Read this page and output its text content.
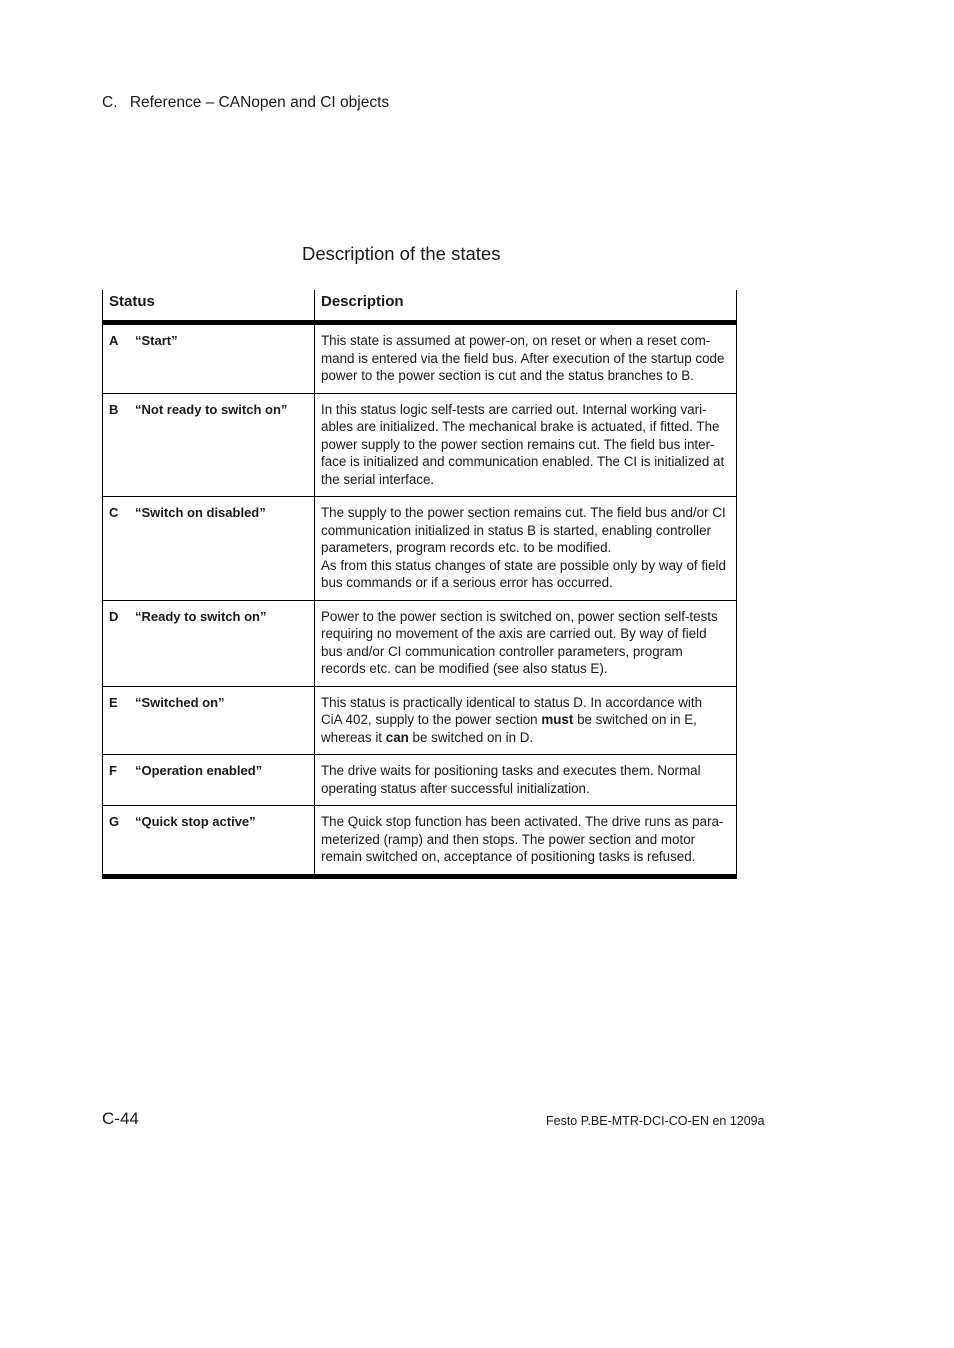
C. Reference – CANopen and CI objects
Description of the states
Status	Description
A “Start”	This state is assumed at power-on, on reset or when a reset com-
mand is entered via the field bus. After execution of the startup code
power to the power section is cut and the status branches to B.

B “Not ready to switch on”	In this status logic self-tests are carried out. Internal working vari-
ables are initialized. The mechanical brake is actuated, if fitted. The
power supply to the power section remains cut. The field bus inter-
face is initialized and communication enabled. The CI is initialized at
the serial interface.

C “Switch on disabled”	The supply to the power section remains cut. The field bus and/or CI
communication initialized in status B is started, enabling controller
parameters, program records etc. to be modified.
As from this status changes of state are possible only by way of field
bus commands or if a serious error has occurred.

D “Ready to switch on”	Power to the power section is switched on, power section self-tests
requiring no movement of the axis are carried out. By way of field
bus and/or CI communication controller parameters, program
records etc. can be modified (see also status E).

E “Switched on”	This status is practically identical to status D. In accordance with
CiA 402, supply to the power section must be switched on in E,
whereas it can be switched on in D.

F “Operation enabled”	The drive waits for positioning tasks and executes them. Normal
operating status after successful initialization.

G “Quick stop active”	The Quick stop function has been activated. The drive runs as para-
meterized (ramp) and then stops. The power section and motor
remain switched on, acceptance of positioning tasks is refused.
C-44	Festo P.BE-MTR-DCI-CO-EN en 1209a
